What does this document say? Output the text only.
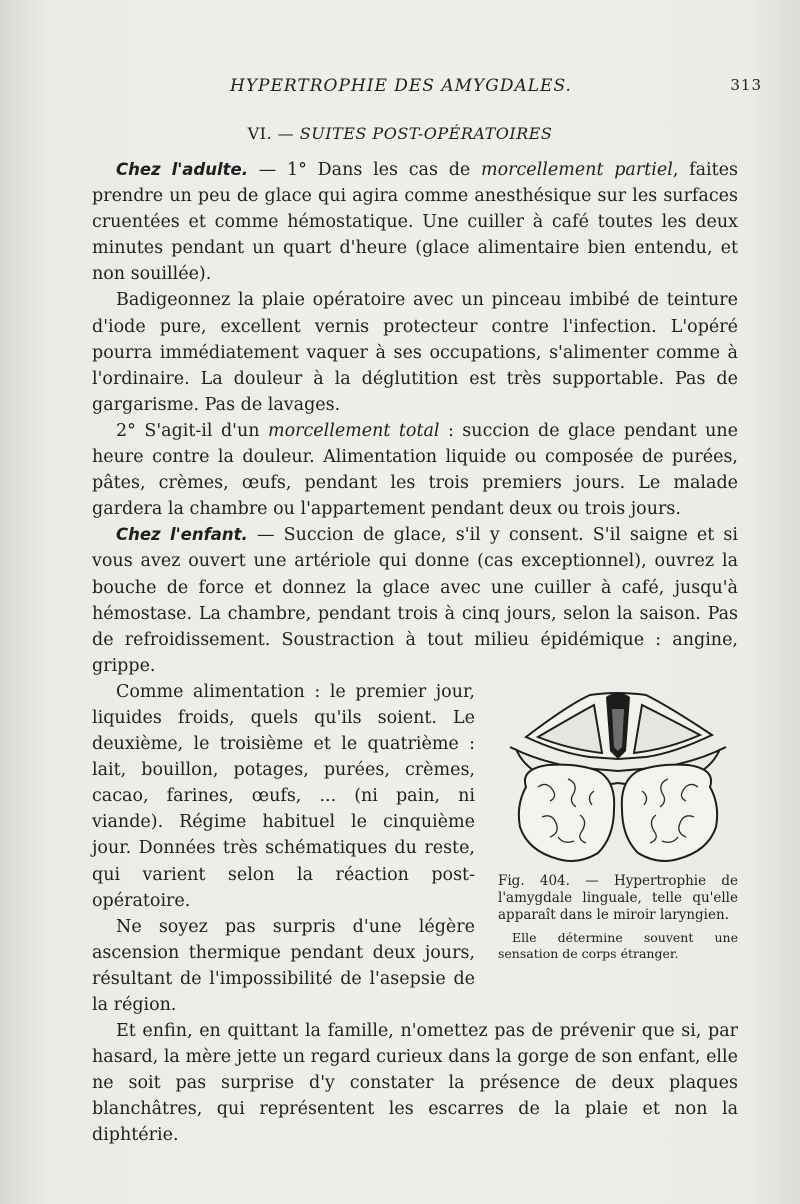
HYPERTROPHIE DES AMYGDALES.	313
VI. — SUITES POST-OPÉRATOIRES

Chez l'adulte. — 1° Dans les cas de morcellement partiel, faites prendre un peu de glace qui agira comme anesthésique sur les surfaces cruentées et comme hémostatique. Une cuiller à café toutes les deux minutes pendant un quart d'heure (glace alimentaire bien entendu, et non souillée).

Badigeonnez la plaie opératoire avec un pinceau imbibé de teinture d'iode pure, excellent vernis protecteur contre l'infection. L'opéré pourra immédiatement vaquer à ses occupations, s'alimenter comme à l'ordinaire. La douleur à la déglutition est très supportable. Pas de gargarisme. Pas de lavages.

2° S'agit-il d'un morcellement total : succion de glace pendant une heure contre la douleur. Alimentation liquide ou composée de purées, pâtes, crèmes, œufs, pendant les trois premiers jours. Le malade gardera la chambre ou l'appartement pendant deux ou trois jours.

Chez l'enfant. — Succion de glace, s'il y consent. S'il saigne et si vous avez ouvert une artériole qui donne (cas exceptionnel), ouvrez la bouche de force et donnez la glace avec une cuiller à café, jusqu'à hémostase. La chambre, pendant trois à cinq jours, selon la saison. Pas de refroidissement. Soustraction à tout milieu épidémique : angine, grippe.

Comme alimentation : le premier jour, liquides froids, quels qu'ils soient. Le deuxième, le troisième et le quatrième : lait, bouillon, potages, purées, crèmes, cacao, farines, œufs, ... (ni pain, ni viande). Régime habituel le cinquième jour. Données très schématiques du reste, qui varient selon la réaction post-opératoire.

Ne soyez pas surpris d'une légère ascension thermique pendant deux jours, résultant de l'impossibilité de l'asepsie de la région.

Fig. 404. — Hypertrophie de l'amygdale linguale, telle qu'elle apparaît dans le miroir laryngien.

Elle détermine souvent une sensation de corps étranger.

Et enfin, en quittant la famille, n'omettez pas de prévenir que si, par hasard, la mère jette un regard curieux dans la gorge de son enfant, elle ne soit pas surprise d'y constater la présence de deux plaques blanchâtres, qui représentent les escarres de la plaie et non la diphtérie.
